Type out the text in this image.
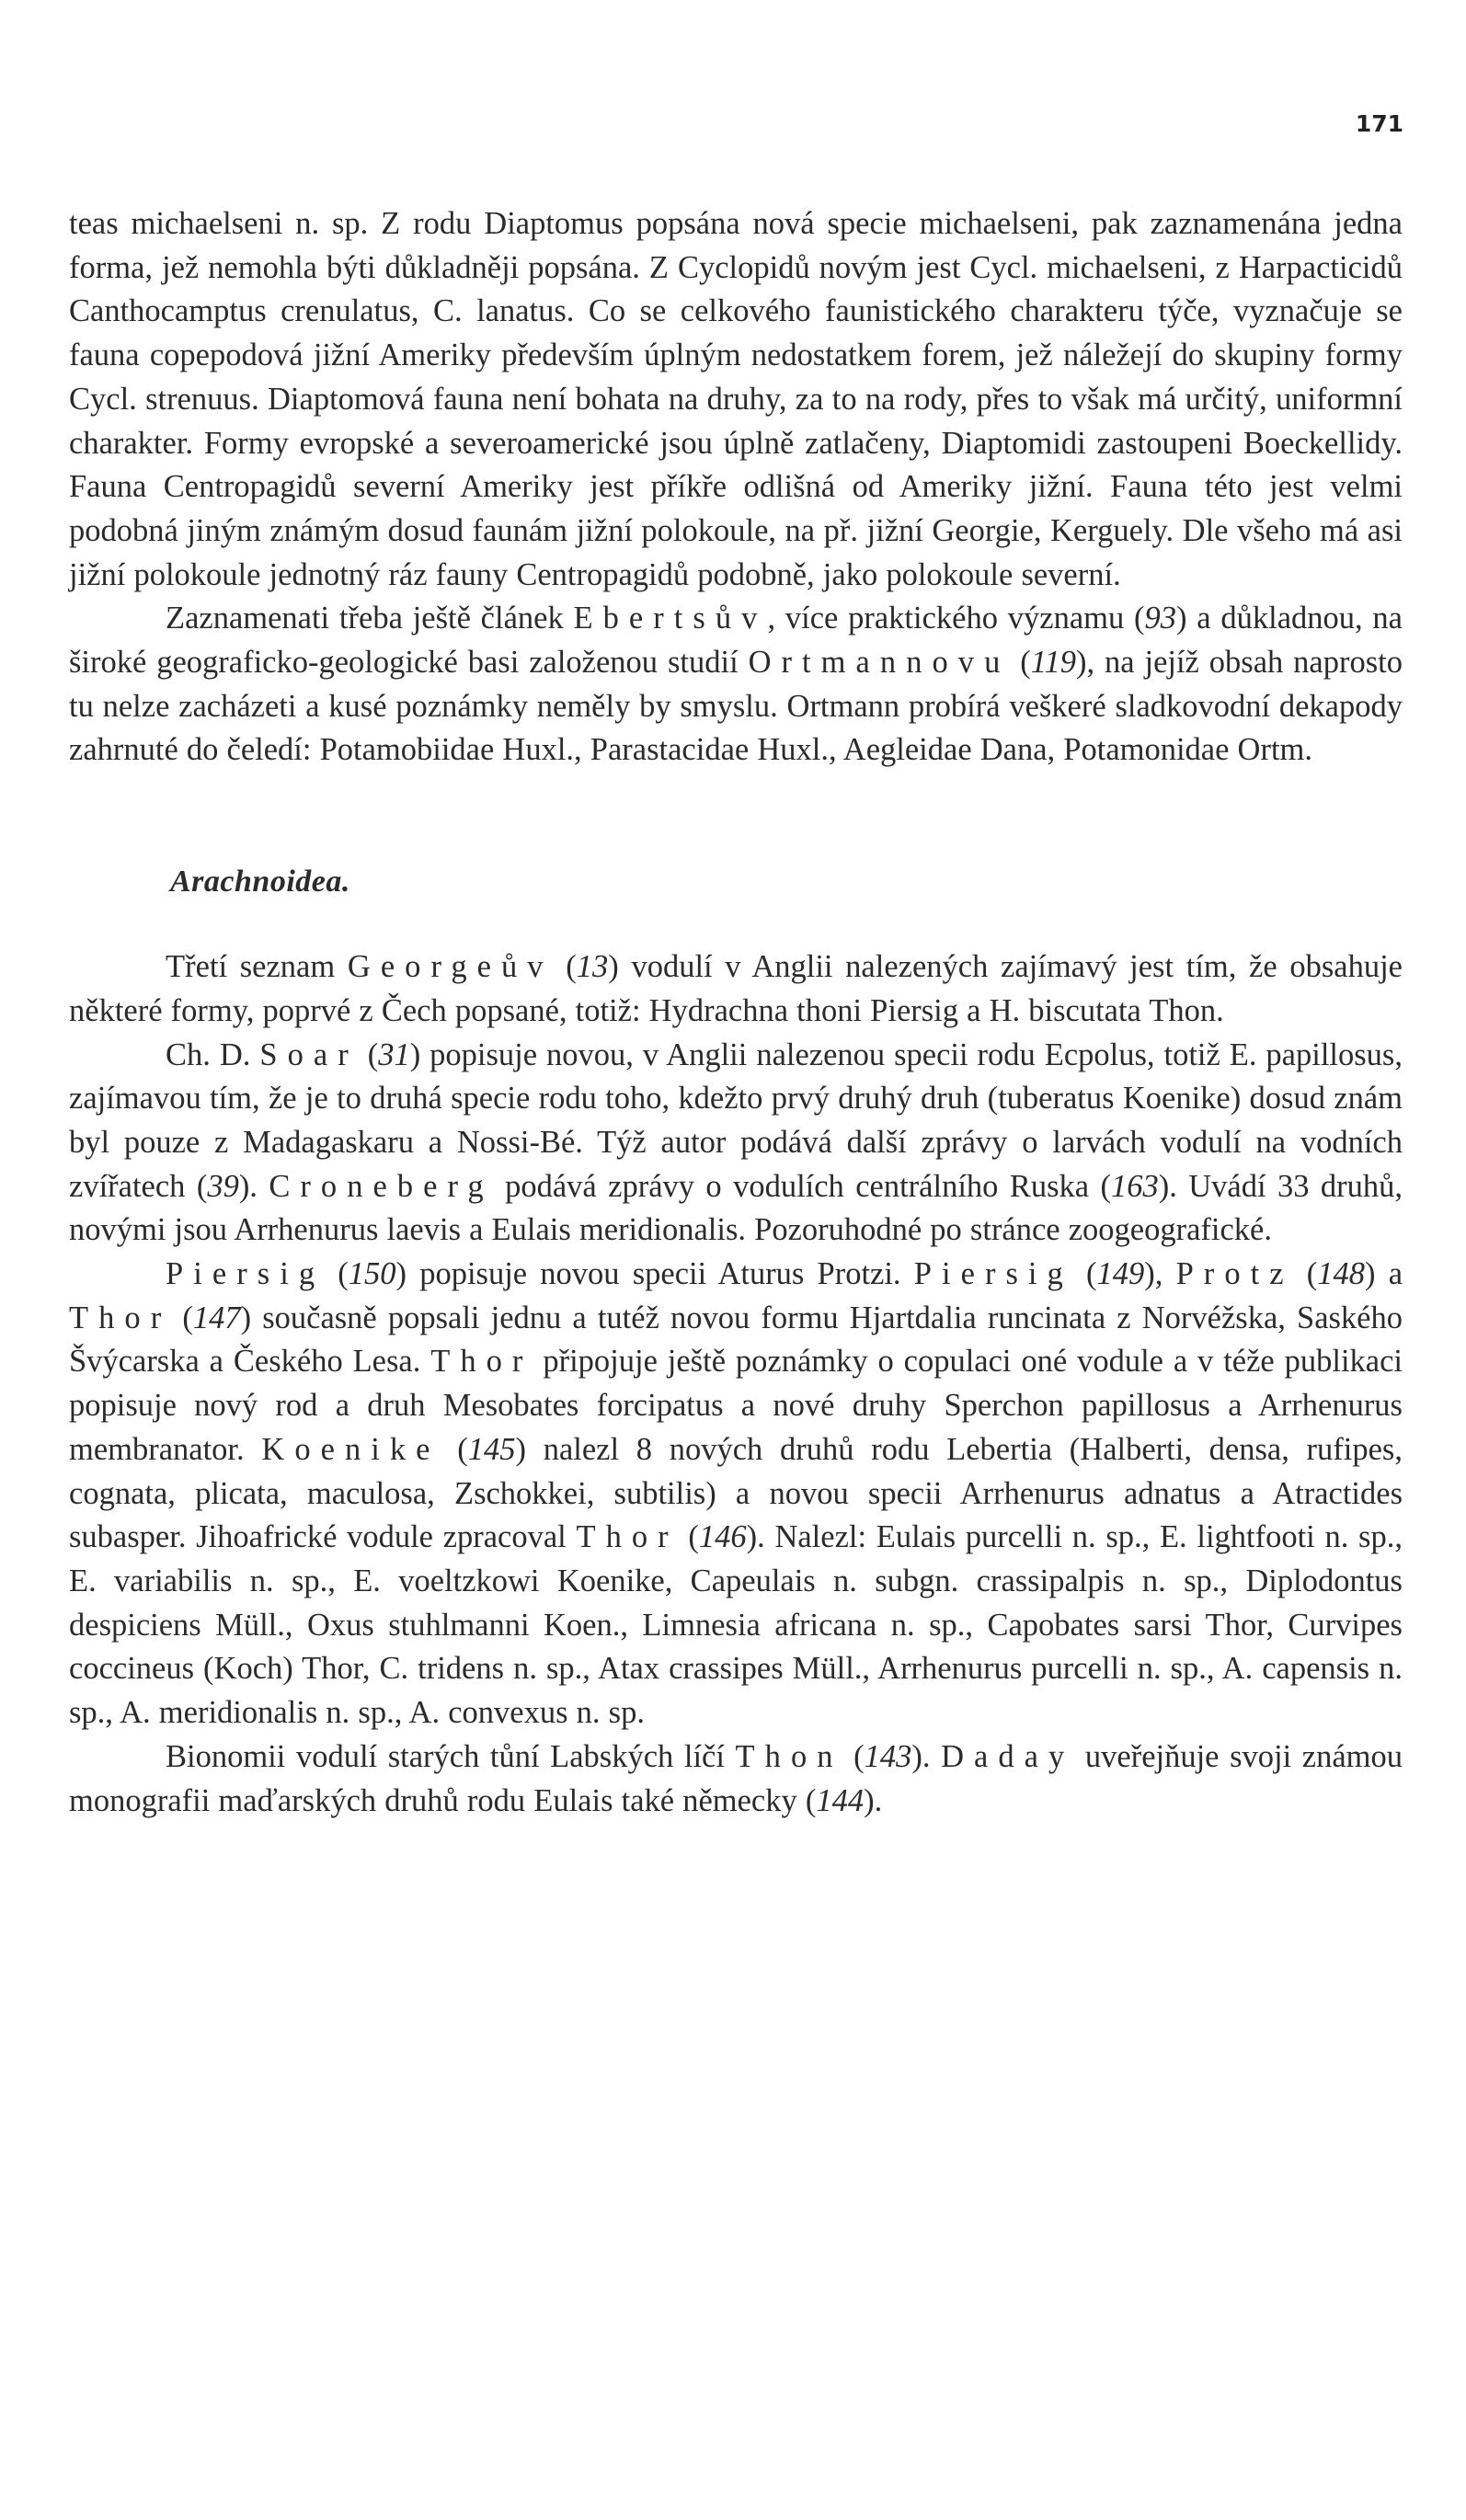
171

teas michaelseni n. sp. Z rodu Diaptomus popsána nová specie michaelseni, pak zaznamenána jedna forma, jež nemohla býti důkladněji popsána. Z Cyclopidů novým jest Cycl. michaelseni, z Harpacticidů Canthocamptus crenulatus, C. lanatus. Co se celkového faunistického charakteru týče, vyznačuje se fauna copepodová jižní Ameriky především úplným nedostatkem forem, jež náležejí do skupiny formy Cycl. strenuus. Diaptomová fauna není bohata na druhy, za to na rody, přes to však má určitý, uniformní charakter. Formy evropské a severoamerické jsou úplně zatlačeny, Diaptomidi zastoupeni Boeckellidy. Fauna Centropagidů severní Ameriky jest příkře odlišná od Ameriky jižní. Fauna této jest velmi podobná jiným známým dosud faunám jižní polokoule, na př. jižní Georgie, Kerguely. Dle všeho má asi jižní polokoule jednotný ráz fauny Centropagidů podobně, jako polokoule severní.

Zaznamenati třeba ještě článek Ebertsův, více praktického významu (93) a důkladnou, na široké geograficko-geologické basi založenou studií Ortmannovu (119), na jejíž obsah naprosto tu nelze zacházeti a kusé poznámky neměly by smyslu. Ortmann probírá veškeré sladkovodní dekapody zahrnuté do čeledí: Potamobiidae Huxl., Parastacidae Huxl., Aegleidae Dana, Potamonidae Ortm.

Arachnoidea.

Třetí seznam Georgeův (13) vodulí v Anglii nalezených zajímavý jest tím, že obsahuje některé formy, poprvé z Čech popsané, totiž: Hydrachna thoni Piersig a H. biscutata Thon.

Ch. D. Soar (31) popisuje novou, v Anglii nalezenou specii rodu Ecpolus, totiž E. papillosus, zajímavou tím, že je to druhá specie rodu toho, kdežto prvý druhý druh (tuberatus Koenike) dosud znám byl pouze z Madagaskaru a Nossi-Bé. Týž autor podává další zprávy o larvách vodulí na vodních zvířatech (39). Croneberg podává zprávy o vodulích centrálního Ruska (163). Uvádí 33 druhů, novými jsou Arrhenurus laevis a Eulais meridionalis. Pozoruhodné po stránce zoogeografické.

Piersig (150) popisuje novou specii Aturus Protzi. Piersig (149), Protz (148) a Thor (147) současně popsali jednu a tutéž novou formu Hjartdalia runcinata z Norvéžska, Saského Švýcarska a Českého Lesa. Thor připojuje ještě poznámky o copulaci oné vodule a v téže publikaci popisuje nový rod a druh Mesobates forcipatus a nové druhy Sperchon papillosus a Arrhenurus membranator. Koenike (145) nalezl 8 nových druhů rodu Lebertia (Halberti, densa, rufipes, cognata, plicata, maculosa, Zschokkei, subtilis) a novou specii Arrhenurus adnatus a Atractides subasper. Jihoafrické vodule zpracoval Thor (146). Nalezl: Eulais purcelli n. sp., E. lightfooti n. sp., E. variabilis n. sp., E. voeltzkowi Koenike, Capeulais n. subgn. crassipalpis n. sp., Diplodontus despiciens Müll., Oxus stuhlmanni Koen., Limnesia africana n. sp., Capobates sarsi Thor, Curvipes coccineus (Koch) Thor, C. tridens n. sp., Atax crassipes Müll., Arrhenurus purcelli n. sp., A. capensis n. sp., A. meridionalis n. sp., A. convexus n. sp.

Bionomii vodulí starých tůní Labských líčí Thon (143). Daday uveřejňuje svoji známou monografii maďarských druhů rodu Eulais také německy (144).
